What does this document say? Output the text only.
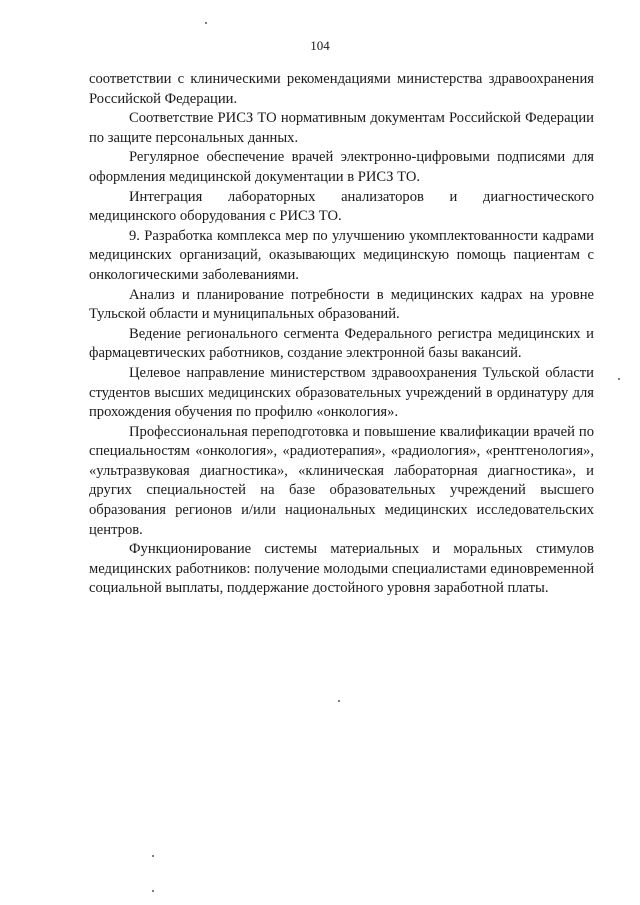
104

соответствии с клиническими рекомендациями министерства здравоохранения Российской Федерации.

Соответствие РИСЗ ТО нормативным документам Российской Федерации по защите персональных данных.

Регулярное обеспечение врачей электронно-цифровыми подписями для оформления медицинской документации в РИСЗ ТО.

Интеграция лабораторных анализаторов и диагностического медицинского оборудования с РИСЗ ТО.

9. Разработка комплекса мер по улучшению укомплектованности кадрами медицинских организаций, оказывающих медицинскую помощь пациентам с онкологическими заболеваниями.

Анализ и планирование потребности в медицинских кадрах на уровне Тульской области и муниципальных образований.

Ведение регионального сегмента Федерального регистра медицинских и фармацевтических работников, создание электронной базы вакансий.

Целевое направление министерством здравоохранения Тульской области студентов высших медицинских образовательных учреждений в ординатуру для прохождения обучения по профилю «онкология».

Профессиональная переподготовка и повышение квалификации врачей по специальностям «онкология», «радиотерапия», «радиология», «рентгенология», «ультразвуковая диагностика», «клиническая лабораторная диагностика», и других специальностей на базе образовательных учреждений высшего образования регионов и/или национальных медицинских исследовательских центров.

Функционирование системы материальных и моральных стимулов медицинских работников: получение молодыми специалистами единовременной социальной выплаты, поддержание достойного уровня заработной платы.
